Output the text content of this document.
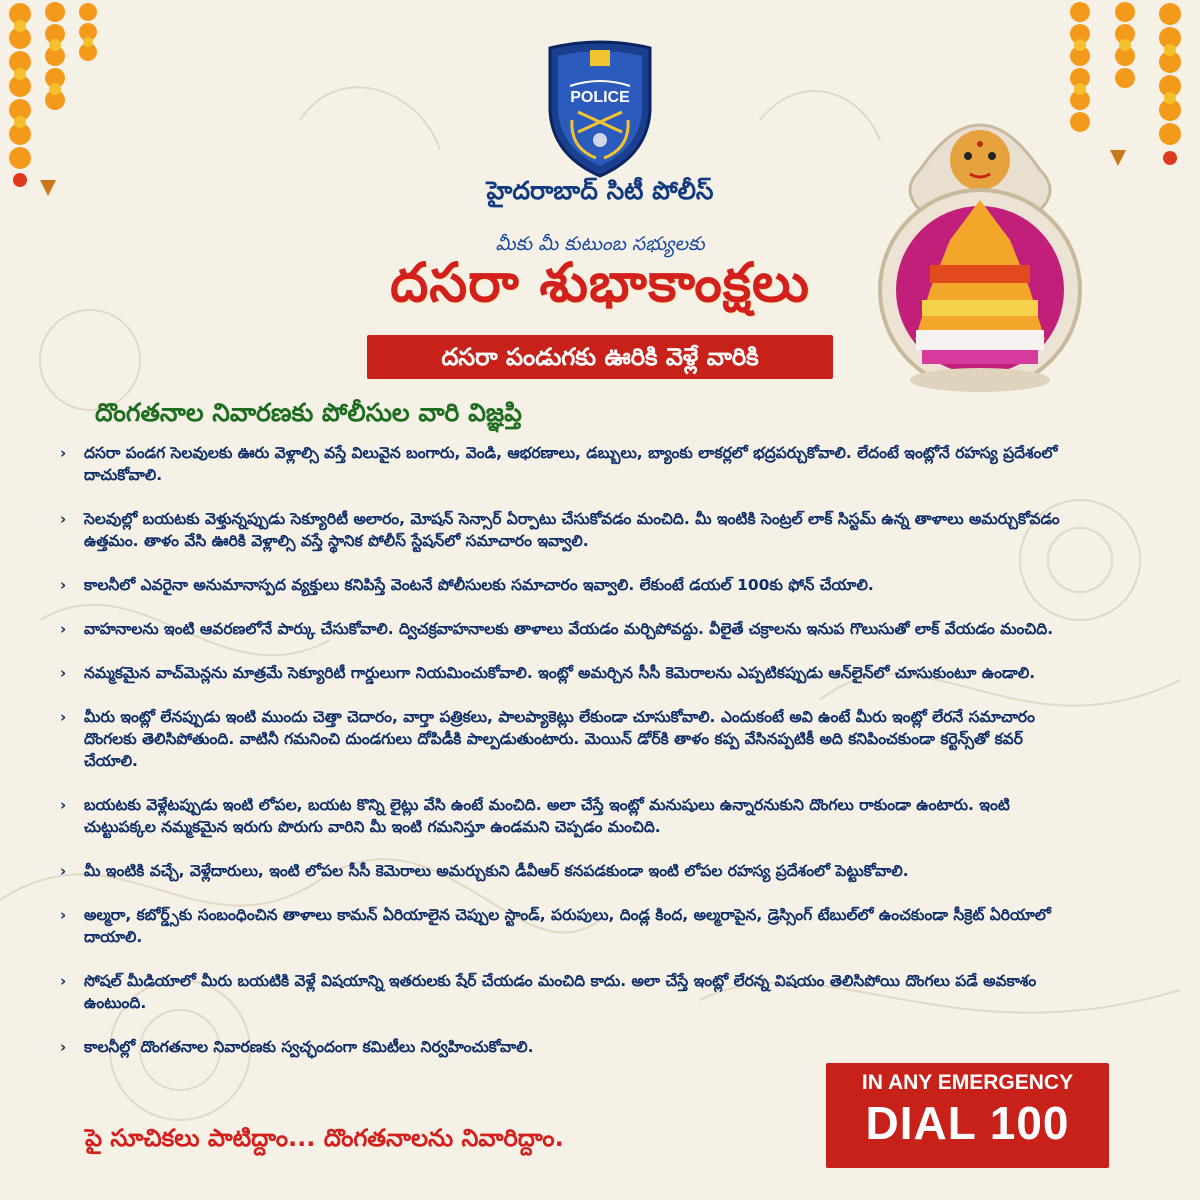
POLICE
హైదరాబాద్ సిటీ పోలీస్
మీకు మీ కుటుంబ సభ్యులకు
దసరా శుభాకాంక్షలు
దసరా పండుగకు ఊరికి వెళ్లే వారికి
దొంగతనాల నివారణకు పోలీసుల వారి విజ్ఞప్తి
›	దసరా పండగ సెలవులకు ఊరు వెళ్లాల్సి వస్తే విలువైన బంగారు, వెండి, ఆభరణాలు, డబ్బులు, బ్యాంకు లాకర్లలో భద్రపర్చుకోవాలి. లేదంటే ఇంట్లోనే రహస్య ప్రదేశంలో దాచుకోవాలి.
›	సెలవుల్లో బయటకు వెళ్తున్నప్పుడు సెక్యూరిటీ అలారం, మోషన్ సెన్సార్ ఏర్పాటు చేసుకోవడం మంచిది. మీ ఇంటికి సెంట్రల్ లాక్ సిస్టమ్ ఉన్న తాళాలు అమర్చుకోవడం ఉత్తమం. తాళం వేసి ఊరికి వెళ్లాల్సి వస్తే స్థానిక పోలీస్ స్టేషన్‌లో సమాచారం ఇవ్వాలి.
›	కాలనీలో ఎవరైనా అనుమానాస్పద వ్యక్తులు కనిపిస్తే వెంటనే పోలీసులకు సమాచారం ఇవ్వాలి. లేకుంటే డయల్ 100కు ఫోన్ చేయాలి.
›	వాహనాలను ఇంటి ఆవరణలోనే పార్కు చేసుకోవాలి. ద్విచక్రవాహనాలకు తాళాలు వేయడం మర్చిపోవద్దు. వీలైతే చక్రాలను ఇనుప గొలుసుతో లాక్ వేయడం మంచిది.
›	నమ్మకమైన వాచ్‌మెన్లను మాత్రమే సెక్యూరిటీ గార్డులుగా నియమించుకోవాలి. ఇంట్లో అమర్చిన సీసీ కెమెరాలను ఎప్పటికప్పుడు ఆన్‌లైన్‌లో చూసుకుంటూ ఉండాలి.
›	మీరు ఇంట్లో లేనప్పుడు ఇంటి ముందు చెత్తా చెదారం, వార్తా పత్రికలు, పాలప్యాకెట్లు లేకుండా చూసుకోవాలి. ఎందుకంటే అవి ఉంటే మీరు ఇంట్లో లేరనే సమాచారం దొంగలకు తెలిసిపోతుంది. వాటినీ గమనించి దుండగులు దోపిడీకి పాల్పడుతుంటారు. మెయిన్ డోర్‌కి తాళం కప్ప వేసినప్పటికీ అది కనిపించకుండా కర్టెన్స్‌తో కవర్ చేయాలి.
›	బయటకు వెళ్లేటప్పుడు ఇంటి లోపల, బయట కొన్ని లైట్లు వేసి ఉంటే మంచిది. అలా చేస్తే ఇంట్లో మనుషులు ఉన్నారనుకుని దొంగలు రాకుండా ఉంటారు. ఇంటి చుట్టుపక్కల నమ్మకమైన ఇరుగు పొరుగు వారిని మీ ఇంటి గమనిస్తూ ఉండమని చెప్పడం మంచిది.
›	మీ ఇంటికి వచ్చే, వెళ్లేదారులు, ఇంటి లోపల సీసీ కెమెరాలు అమర్చుకుని డీవీఆర్ కనపడకుండా ఇంటి లోపల రహస్య ప్రదేశంలో పెట్టుకోవాలి.
›	అల్మరా, కబోర్డ్స్‌కు సంబంధించిన తాళాలు కామన్ ఏరియాలైన చెప్పుల స్టాండ్, పరుపులు, దిండ్ల కింద, అల్మరాపైన, డ్రెస్సింగ్ టేబుల్‌లో ఉంచకుండా సీక్రెట్ ఏరియాలో దాయాలి.
›	సోషల్ మీడియాలో మీరు బయటికి వెళ్లే విషయాన్ని ఇతరులకు షేర్ చేయడం మంచిది కాదు. అలా చేస్తే ఇంట్లో లేరన్న విషయం తెలిసిపోయి దొంగలు పడే అవకాశం ఉంటుంది.
›	కాలనీల్లో దొంగతనాల నివారణకు స్వచ్ఛందంగా కమిటీలు నిర్వహించుకోవాలి.
పై సూచికలు పాటిద్దాం... దొంగతనాలను నివారిద్దాం.
IN ANY EMERGENCY
DIAL 100
